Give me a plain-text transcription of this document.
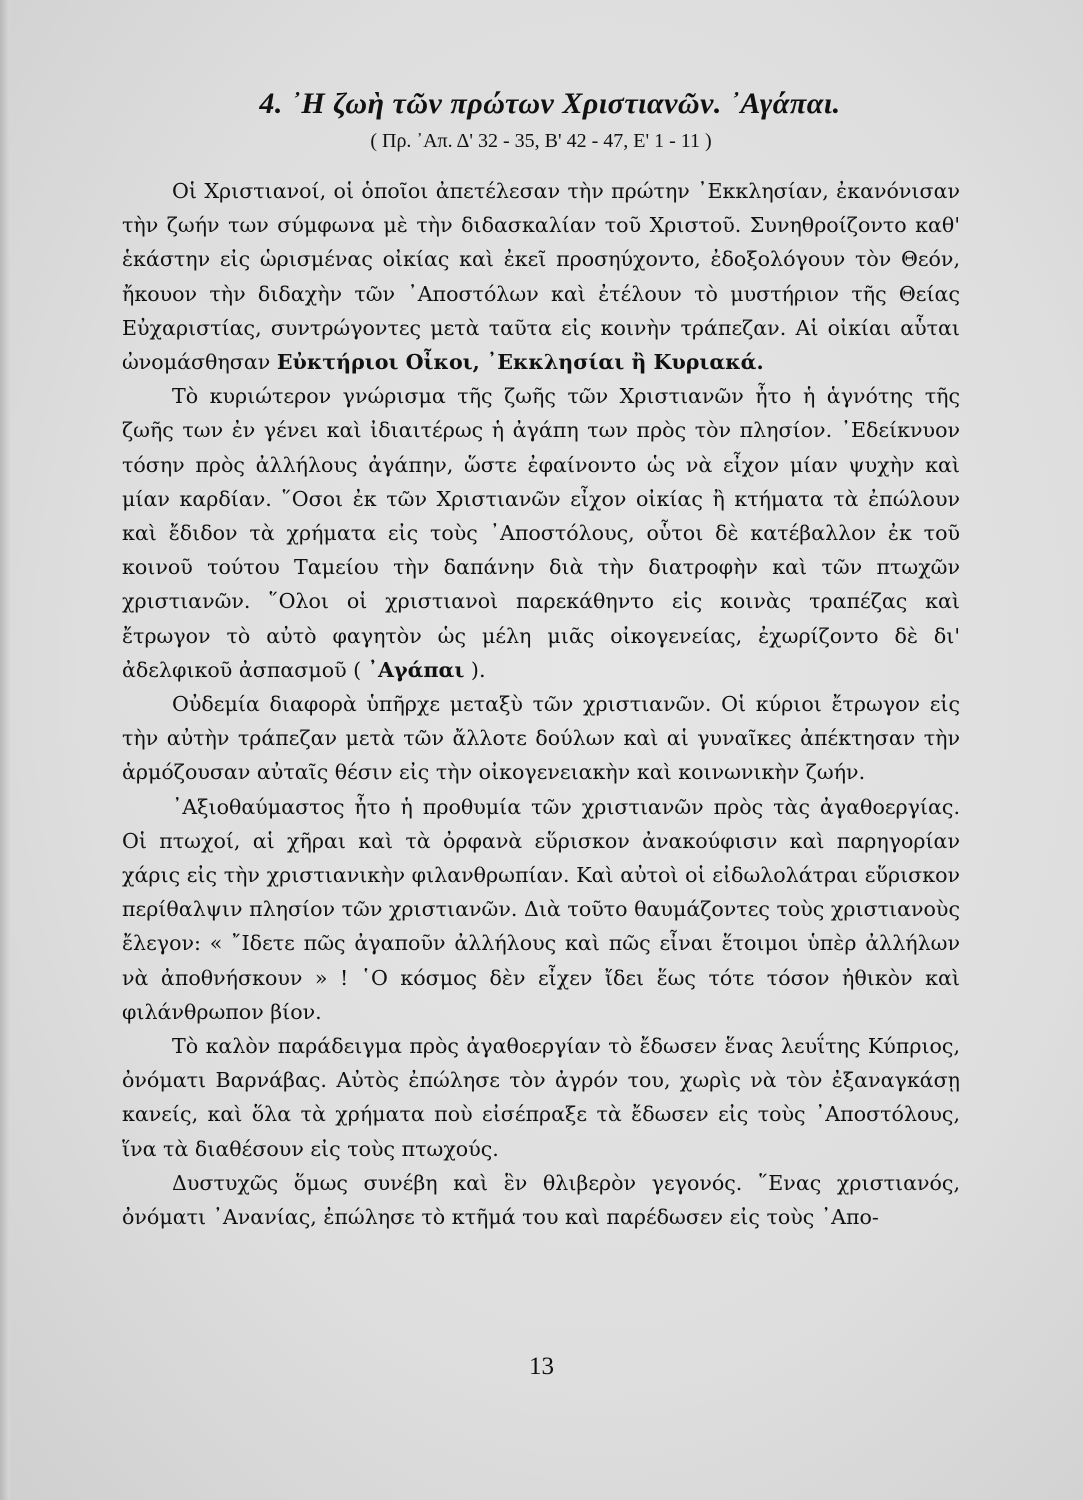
4. ᾿Η ζωὴ τῶν πρώτων Χριστιανῶν. ᾿Αγάπαι.
( Πρ. ᾿Απ. Δ' 32 - 35, Β' 42 - 47, Ε' 1 - 11 )

Οἱ Χριστιανοί, οἱ ὁποῖοι ἀπετέλεσαν τὴν πρώτην ᾿Εκκλησίαν, ἐκανόνισαν τὴν ζωήν των σύμφωνα μὲ τὴν διδασκαλίαν τοῦ Χριστοῦ. Συνηθροίζοντο καθ' ἑκάστην εἰς ὡρισμένας οἰκίας καὶ ἐκεῖ προσηύχοντο, ἐδοξολόγουν τὸν Θεόν, ἤκουον τὴν διδαχὴν τῶν ᾿Αποστόλων καὶ ἐτέλουν τὸ μυστήριον τῆς Θείας Εὐχαριστίας, συντρώγοντες μετὰ ταῦτα εἰς κοινὴν τράπεζαν. Αἱ οἰκίαι αὗται ὠνομάσθησαν Εὐκτήριοι Οἶκοι, ᾿Εκκλησίαι ἢ Κυριακά.

Τὸ κυριώτερον γνώρισμα τῆς ζωῆς τῶν Χριστιανῶν ἦτο ἡ ἁγνότης τῆς ζωῆς των ἐν γένει καὶ ἰδιαιτέρως ἡ ἀγάπη των πρὸς τὸν πλησίον. ᾿Εδείκνυον τόσην πρὸς ἀλλήλους ἀγάπην, ὥστε ἐφαίνοντο ὡς νὰ εἶχον μίαν ψυχὴν καὶ μίαν καρδίαν. ῞Οσοι ἐκ τῶν Χριστιανῶν εἶχον οἰκίας ἢ κτήματα τὰ ἐπώλουν καὶ ἔδιδον τὰ χρήματα εἰς τοὺς ᾿Αποστόλους, οὗτοι δὲ κατέβαλλον ἐκ τοῦ κοινοῦ τούτου Ταμείου τὴν δαπάνην διὰ τὴν διατροφὴν καὶ τῶν πτωχῶν χριστιανῶν. ῞Ολοι οἱ χριστιανοὶ παρεκάθηντο εἰς κοινὰς τραπέζας καὶ ἔτρωγον τὸ αὐτὸ φαγητὸν ὡς μέλη μιᾶς οἰκογενείας, ἐχωρίζοντο δὲ δι' ἀδελφικοῦ ἀσπασμοῦ ( ᾿Αγάπαι ).

Οὐδεμία διαφορὰ ὑπῆρχε μεταξὺ τῶν χριστιανῶν. Οἱ κύριοι ἔτρωγον εἰς τὴν αὐτὴν τράπεζαν μετὰ τῶν ἄλλοτε δούλων καὶ αἱ γυναῖκες ἀπέκτησαν τὴν ἁρμόζουσαν αὐταῖς θέσιν εἰς τὴν οἰκογενειακὴν καὶ κοινωνικὴν ζωήν.

᾿Αξιοθαύμαστος ἦτο ἡ προθυμία τῶν χριστιανῶν πρὸς τὰς ἀγαθοεργίας. Οἱ πτωχοί, αἱ χῆραι καὶ τὰ ὀρφανὰ εὕρισκον ἀνακούφισιν καὶ παρηγορίαν χάρις εἰς τὴν χριστιανικὴν φιλανθρωπίαν. Καὶ αὐτοὶ οἱ εἰδωλολάτραι εὕρισκον περίθαλψιν πλησίον τῶν χριστιανῶν. Διὰ τοῦτο θαυμάζοντες τοὺς χριστιανοὺς ἔλεγον: « ῎Ιδετε πῶς ἀγαποῦν ἀλλήλους καὶ πῶς εἶναι ἕτοιμοι ὑπὲρ ἀλλήλων νὰ ἀποθνήσκουν » ! ῾Ο κόσμος δὲν εἶχεν ἴδει ἕως τότε τόσον ἠθικὸν καὶ φιλάνθρωπον βίον.

Τὸ καλὸν παράδειγμα πρὸς ἀγαθοεργίαν τὸ ἔδωσεν ἕνας λευΐτης Κύπριος, ὀνόματι Βαρνάβας. Αὐτὸς ἐπώλησε τὸν ἀγρόν του, χωρὶς νὰ τὸν ἐξαναγκάσῃ κανείς, καὶ ὅλα τὰ χρήματα ποὺ εἰσέπραξε τὰ ἔδωσεν εἰς τοὺς ᾿Αποστόλους, ἵνα τὰ διαθέσουν εἰς τοὺς πτωχούς.

Δυστυχῶς ὅμως συνέβη καὶ ἓν θλιβερὸν γεγονός. ῞Ενας χριστιανός, ὀνόματι ᾿Ανανίας, ἐπώλησε τὸ κτῆμά του καὶ παρέδωσεν εἰς τοὺς ᾿Απο-

13
